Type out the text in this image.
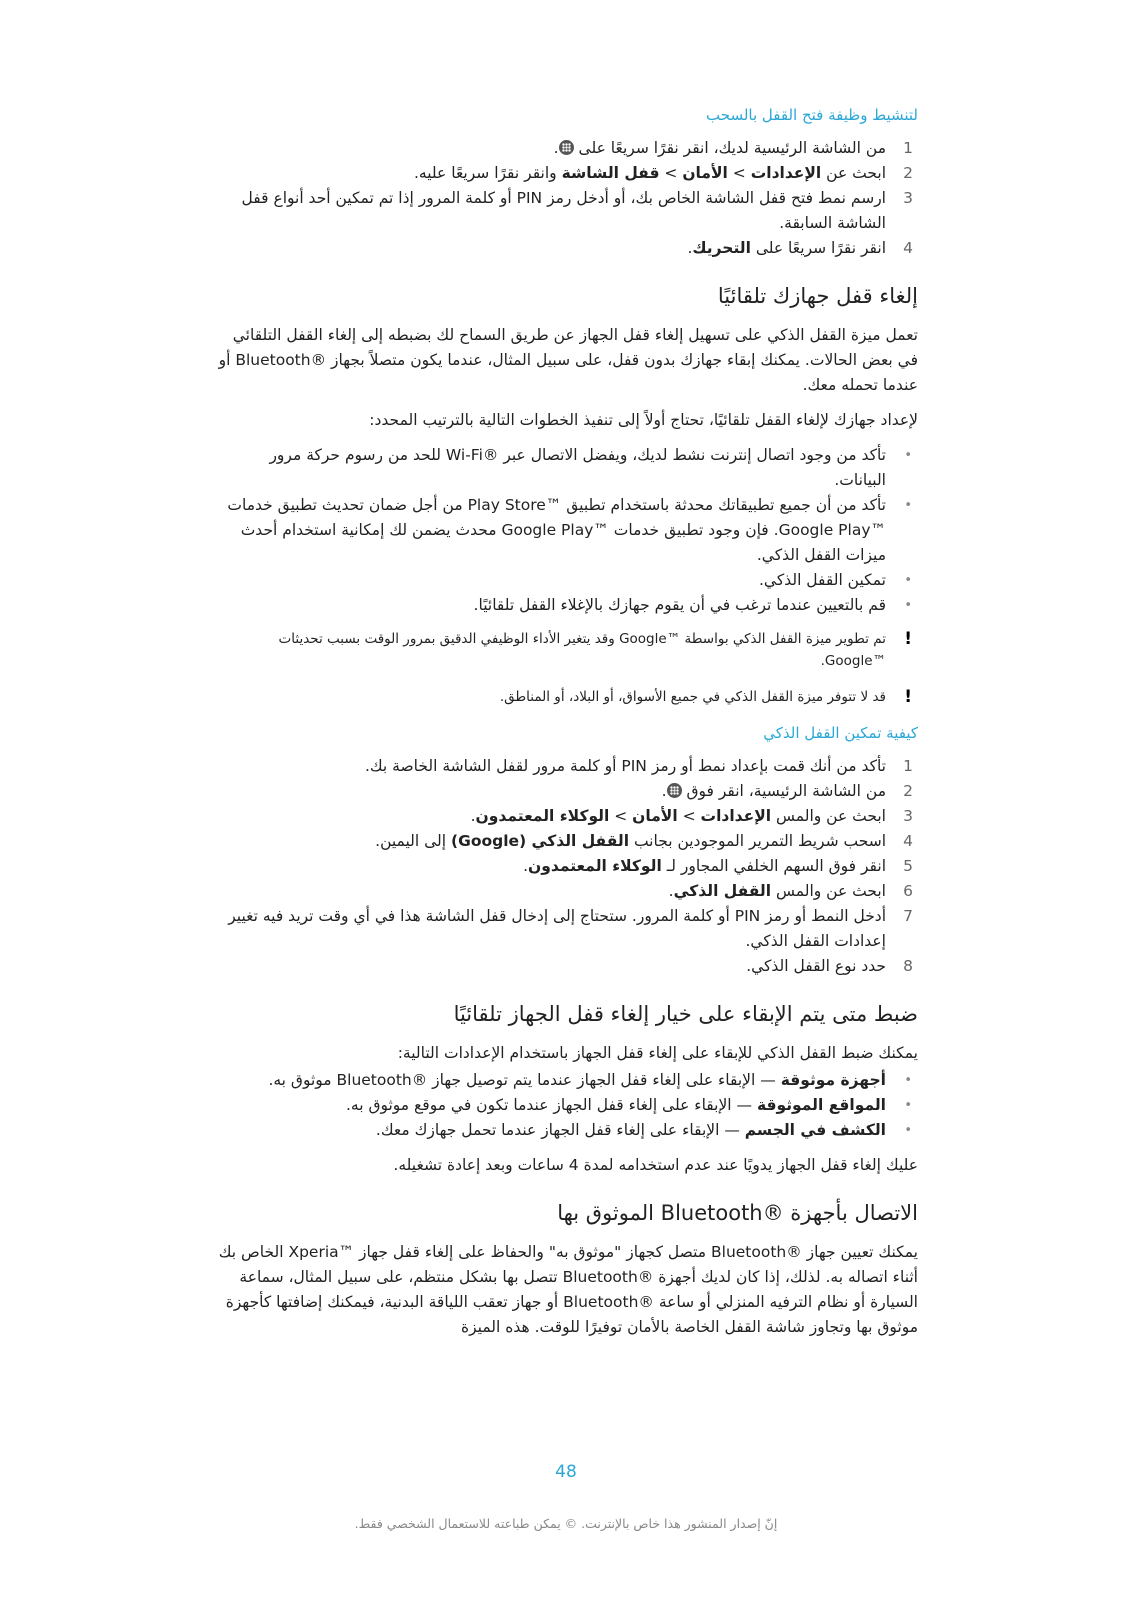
لتنشيط وظيفة فتح القفل بالسحب
1
من الشاشة الرئيسية لديك، انقر نقرًا سريعًا على .
2
ابحث عن الإعدادات > الأمان > قفل الشاشة وانقر نقرًا سريعًا عليه.
3
ارسم نمط فتح قفل الشاشة الخاص بك، أو أدخل رمز PIN أو كلمة المرور إذا تم تمكين أحد أنواع قفل الشاشة السابقة.
4
انقر نقرًا سريعًا على التحريك.
إلغاء قفل جهازك تلقائيًا

تعمل ميزة القفل الذكي على تسهيل إلغاء قفل الجهاز عن طريق السماح لك بضبطه إلى إلغاء القفل التلقائي في بعض الحالات. يمكنك إبقاء جهازك بدون قفل، على سبيل المثال، عندما يكون متصلاً بجهاز ®Bluetooth أو عندما تحمله معك.

لإعداد جهازك لإلغاء القفل تلقائيًا، تحتاج أولاً إلى تنفيذ الخطوات التالية بالترتيب المحدد:

•
تأكد من وجود اتصال إنترنت نشط لديك، ويفضل الاتصال عبر ®Wi-Fi للحد من رسوم حركة مرور البيانات.
•
تأكد من أن جميع تطبيقاتك محدثة باستخدام تطبيق ™Play Store من أجل ضمان تحديث تطبيق خدمات ™Google Play. فإن وجود تطبيق خدمات ™Google Play محدث يضمن لك إمكانية استخدام أحدث ميزات القفل الذكي.
•
تمكين القفل الذكي.
•
قم بالتعيين عندما ترغب في أن يقوم جهازك بالإغلاء القفل تلقائيًا.
!
تم تطوير ميزة القفل الذكي بواسطة ™Google وقد يتغير الأداء الوظيفي الدقيق بمرور الوقت بسبب تحديثات ™Google.
!
قد لا تتوفر ميزة القفل الذكي في جميع الأسواق، أو البلاد، أو المناطق.
كيفية تمكين القفل الذكي
1
تأكد من أنك قمت بإعداد نمط أو رمز PIN أو كلمة مرور لقفل الشاشة الخاصة بك.
2
من الشاشة الرئيسية، انقر فوق .
3
ابحث عن والمس الإعدادات > الأمان > الوكلاء المعتمدون.
4
اسحب شريط التمرير الموجودين بجانب القفل الذكي (Google) إلى اليمين.
5
انقر فوق السهم الخلفي المجاور لـ الوكلاء المعتمدون.
6
ابحث عن والمس القفل الذكي.
7
أدخل النمط أو رمز PIN أو كلمة المرور. ستحتاج إلى إدخال قفل الشاشة هذا في أي وقت تريد فيه تغيير إعدادات القفل الذكي.
8
حدد نوع القفل الذكي.
ضبط متى يتم الإبقاء على خيار إلغاء قفل الجهاز تلقائيًا

يمكنك ضبط القفل الذكي للإبقاء على إلغاء قفل الجهاز باستخدام الإعدادات التالية:

•
أجهزة موثوقة — الإبقاء على إلغاء قفل الجهاز عندما يتم توصيل جهاز ®Bluetooth موثوق به.
•
المواقع الموثوقة — الإبقاء على إلغاء قفل الجهاز عندما تكون في موقع موثوق به.
•
الكشف في الجسم — الإبقاء على إلغاء قفل الجهاز عندما تحمل جهازك معك.

عليك إلغاء قفل الجهاز يدويًا عند عدم استخدامه لمدة 4 ساعات وبعد إعادة تشغيله.

الاتصال بأجهزة ®Bluetooth الموثوق بها

يمكنك تعيين جهاز ®Bluetooth متصل كجهاز "موثوق به" والحفاظ على إلغاء قفل جهاز ™Xperia الخاص بك أثناء اتصاله به. لذلك، إذا كان لديك أجهزة ®Bluetooth تتصل بها بشكل منتظم، على سبيل المثال، سماعة السيارة أو نظام الترفيه المنزلي أو ساعة ®Bluetooth أو جهاز تعقب اللياقة البدنية، فيمكنك إضافتها كأجهزة موثوق بها وتجاوز شاشة القفل الخاصة بالأمان توفيرًا للوقت. هذه الميزة

48
إنّ إصدار المنشور هذا خاص بالإنترنت. © يمكن طباعته للاستعمال الشخصي فقط.
